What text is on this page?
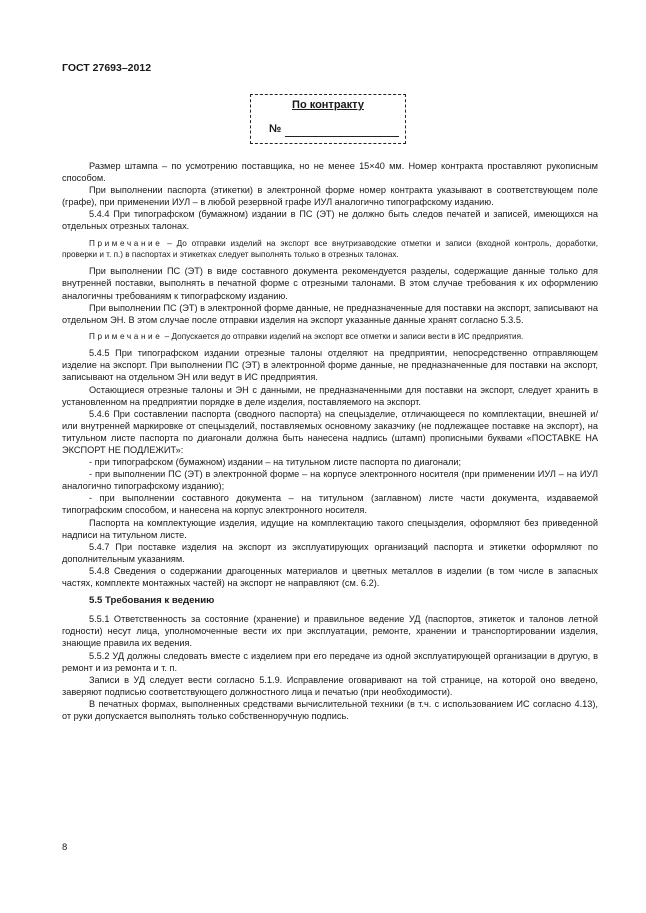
ГОСТ 27693–2012
По контракту
№

Размер штампа – по усмотрению поставщика, но не менее 15×40 мм. Номер контракта проставляют рукописным способом.

При выполнении паспорта (этикетки) в электронной форме номер контракта указывают в соответствующем поле (графе), при применении ИУЛ – в любой резервной графе ИУЛ аналогично типографскому изданию.

5.4.4 При типографском (бумажном) издании в ПС (ЭТ) не должно быть следов печатей и записей, имеющихся на отдельных отрезных талонах.

Примечание – До отправки изделий на экспорт все внутризаводские отметки и записи (входной контроль, доработки, проверки и т. п.) в паспортах и этикетках следует выполнять только в отрезных талонах.

При выполнении ПС (ЭТ) в виде составного документа рекомендуется разделы, содержащие данные только для внутренней поставки, выполнять в печатной форме с отрезными талонами. В этом случае требования к их оформлению аналогичны требованиям к типографскому изданию.

При выполнении ПС (ЭТ) в электронной форме данные, не предназначенные для поставки на экспорт, записывают на отдельном ЭН. В этом случае после отправки изделия на экспорт указанные данные хранят согласно 5.3.5.

Примечание – Допускается до отправки изделий на экспорт все отметки и записи вести в ИС предприятия.

5.4.5 При типографском издании отрезные талоны отделяют на предприятии, непосредственно отправляющем изделие на экспорт. При выполнении ПС (ЭТ) в электронной форме данные, не предназначенные для поставки на экспорт, записывают на отдельном ЭН или ведут в ИС предприятия.

Остающиеся отрезные талоны и ЭН с данными, не предназначенными для поставки на экспорт, следует хранить в установленном на предприятии порядке в деле изделия, поставляемого на экспорт.

5.4.6 При составлении паспорта (сводного паспорта) на спецызделие, отличающееся по комплектации, внешней и/или внутренней маркировке от спецызделий, поставляемых основному заказчику (не подлежащее поставке на экспорт), на титульном листе паспорта по диагонали должна быть нанесена надпись (штамп) прописными буквами «ПОСТАВКЕ НА ЭКСПОРТ НЕ ПОДЛЕЖИТ»:

- при типографском (бумажном) издании – на титульном листе паспорта по диагонали;

- при выполнении ПС (ЭТ) в электронной форме – на корпусе электронного носителя (при применении ИУЛ – на ИУЛ аналогично типографскому изданию);

- при выполнении составного документа – на титульном (заглавном) листе части документа, издаваемой типографским способом, и нанесена на корпус электронного носителя.

Паспорта на комплектующие изделия, идущие на комплектацию такого спецызделия, оформляют без приведенной надписи на титульном листе.

5.4.7 При поставке изделия на экспорт из эксплуатирующих организаций паспорта и этикетки оформляют по дополнительным указаниям.

5.4.8 Сведения о содержании драгоценных материалов и цветных металлов в изделии (в том числе в запасных частях, комплекте монтажных частей) на экспорт не направляют (см. 6.2).

5.5 Требования к ведению

5.5.1 Ответственность за состояние (хранение) и правильное ведение УД (паспортов, этикеток и талонов летной годности) несут лица, уполномоченные вести их при эксплуатации, ремонте, хранении и транспортировании изделия, знающие правила их ведения.

5.5.2 УД должны следовать вместе с изделием при его передаче из одной эксплуатирующей организации в другую, в ремонт и из ремонта и т. п.

Записи в УД следует вести согласно 5.1.9. Исправление оговаривают на той странице, на которой оно введено, заверяют подписью соответствующего должностного лица и печатью (при необходимости).

В печатных формах, выполненных средствами вычислительной техники (в т.ч. с использованием ИС согласно 4.13), от руки допускается выполнять только собственноручную подпись.

8
